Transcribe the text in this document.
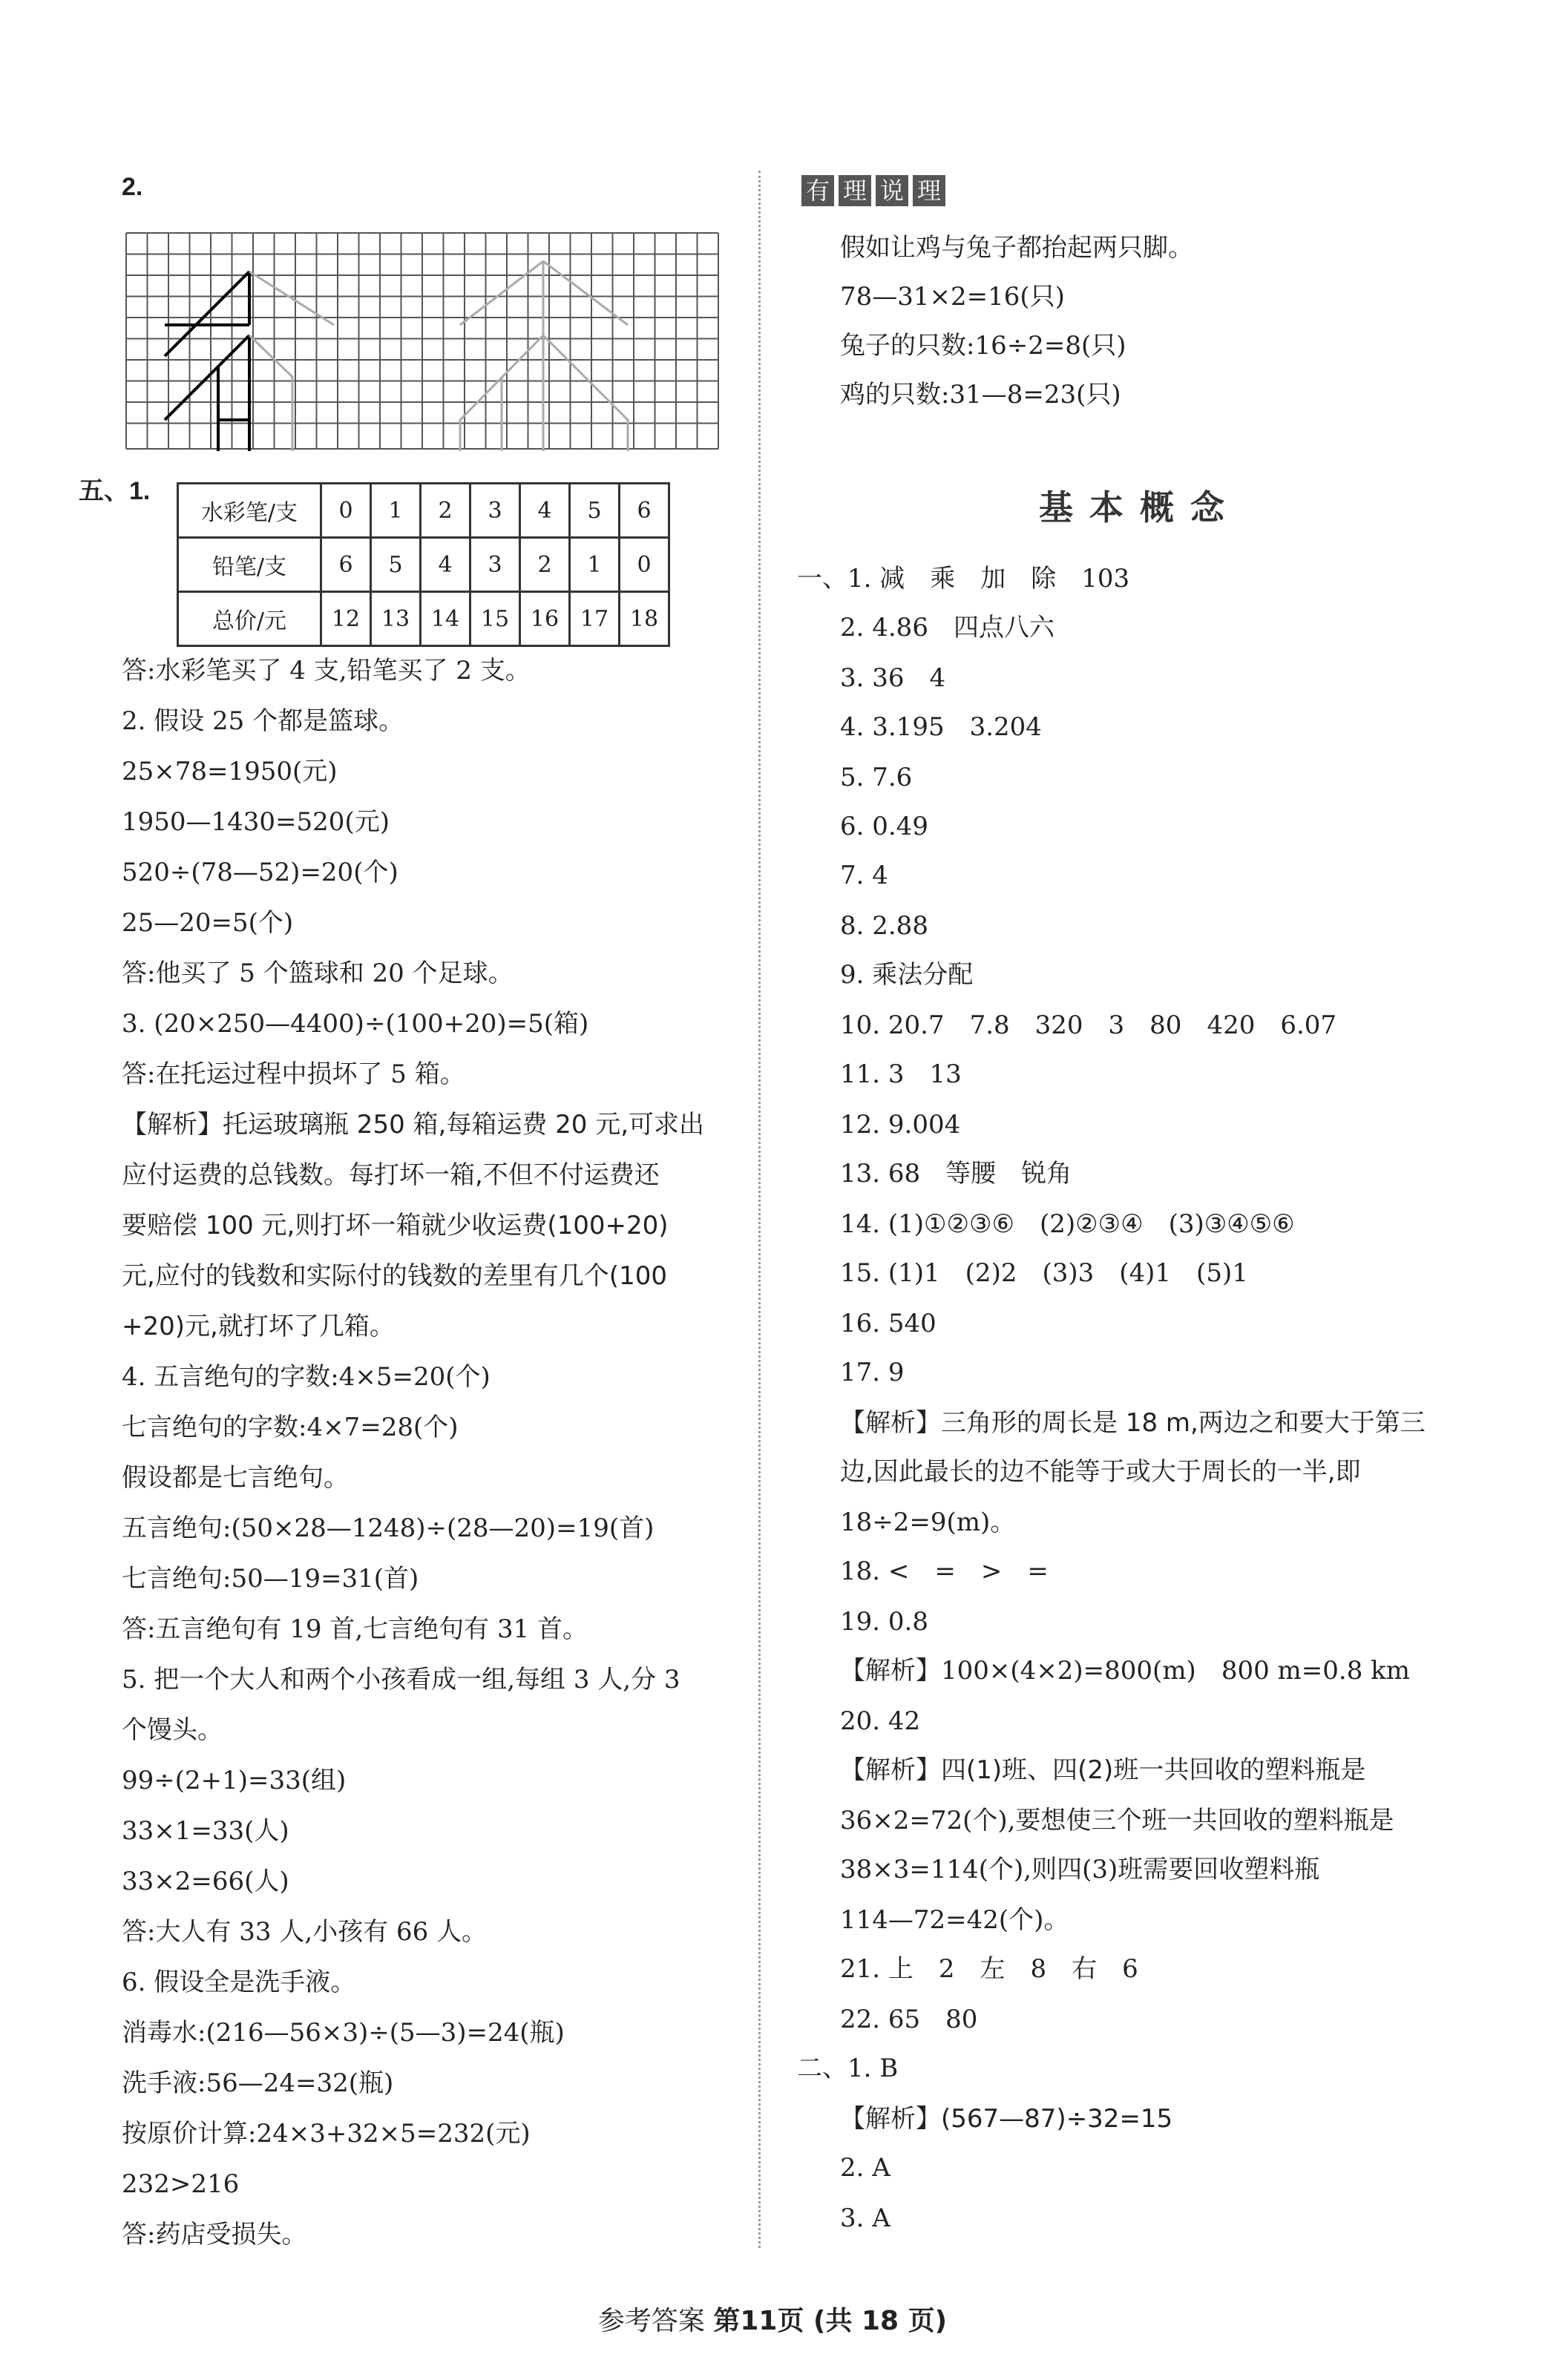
2.
五、1.
水彩笔/支	0	1	2	3	4	5	6
铅笔/支	6	5	4	3	2	1	0
总价/元	12	13	14	15	16	17	18
答:水彩笔买了 4 支,铅笔买了 2 支。
2. 假设 25 个都是篮球。
25×78=1950(元)
1950—1430=520(元)
520÷(78—52)=20(个)
25—20=5(个)
答:他买了 5 个篮球和 20 个足球。
3. (20×250—4400)÷(100+20)=5(箱)
答:在托运过程中损坏了 5 箱。
【解析】托运玻璃瓶 250 箱,每箱运费 20 元,可求出
应付运费的总钱数。每打坏一箱,不但不付运费还
要赔偿 100 元,则打坏一箱就少收运费(100+20)
元,应付的钱数和实际付的钱数的差里有几个(100
+20)元,就打坏了几箱。
4. 五言绝句的字数:4×5=20(个)
七言绝句的字数:4×7=28(个)
假设都是七言绝句。
五言绝句:(50×28—1248)÷(28—20)=19(首)
七言绝句:50—19=31(首)
答:五言绝句有 19 首,七言绝句有 31 首。
5. 把一个大人和两个小孩看成一组,每组 3 人,分 3
个馒头。
99÷(2+1)=33(组)
33×1=33(人)
33×2=66(人)
答:大人有 33 人,小孩有 66 人。
6. 假设全是洗手液。
消毒水:(216—56×3)÷(5—3)=24(瓶)
洗手液:56—24=32(瓶)
按原价计算:24×3+32×5=232(元)
232>216
答:药店受损失。
有 理 说 理
假如让鸡与兔子都抬起两只脚。
78—31×2=16(只)
兔子的只数:16÷2=8(只)
鸡的只数:31—8=23(只)
基本概念
一、1. 减　乘　加　除　103
2. 4.86　四点八六
3. 36　4
4. 3.195　3.204
5. 7.6
6. 0.49
7. 4
8. 2.88
9. 乘法分配
10. 20.7　7.8　320　3　80　420　6.07
11. 3　13
12. 9.004
13. 68　等腰　锐角
14. (1)①②③⑥　(2)②③④　(3)③④⑤⑥
15. (1)1　(2)2　(3)3　(4)1　(5)1
16. 540
17. 9
【解析】三角形的周长是 18 m,两边之和要大于第三
边,因此最长的边不能等于或大于周长的一半,即
18÷2=9(m)。
18. <　=　>　=
19. 0.8
【解析】100×(4×2)=800(m)　800 m=0.8 km
20. 42
【解析】四(1)班、四(2)班一共回收的塑料瓶是
36×2=72(个),要想使三个班一共回收的塑料瓶是
38×3=114(个),则四(3)班需要回收塑料瓶
114—72=42(个)。
21. 上　2　左　8　右　6
22. 65　80
二、1. B
【解析】(567—87)÷32=15
2. A
3. A
参考答案 第11页 (共 18 页)
